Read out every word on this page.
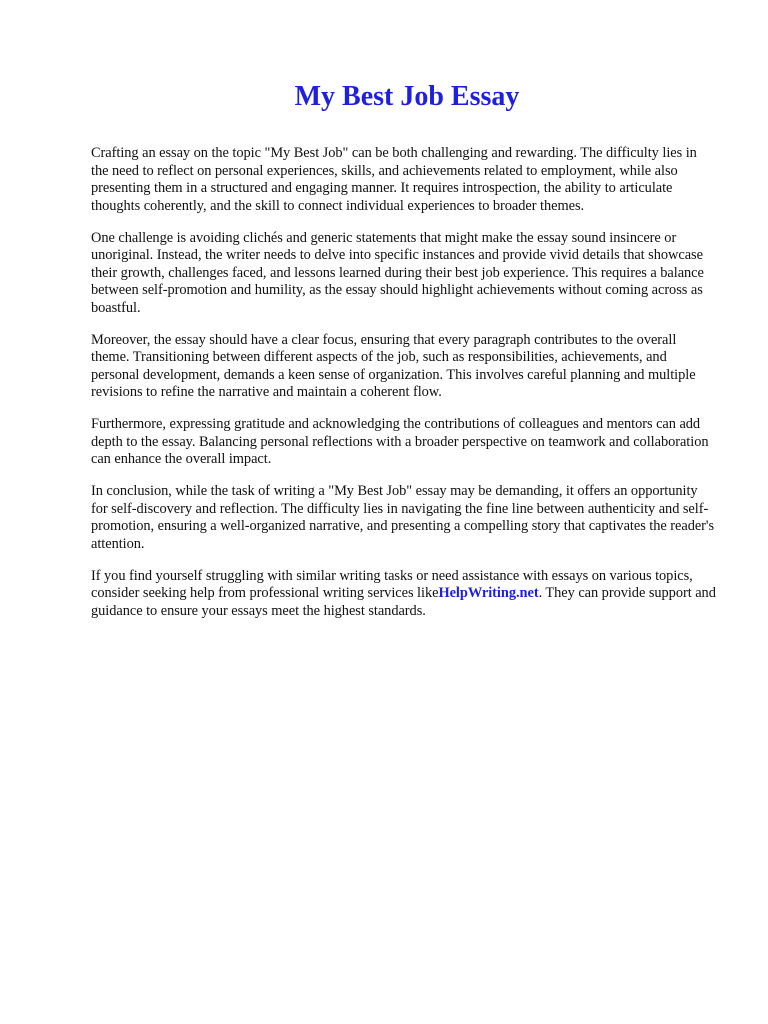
My Best Job Essay

Crafting an essay on the topic "My Best Job" can be both challenging and rewarding. The difficulty lies in the need to reflect on personal experiences, skills, and achievements related to employment, while also presenting them in a structured and engaging manner. It requires introspection, the ability to articulate thoughts coherently, and the skill to connect individual experiences to broader themes.

One challenge is avoiding clichés and generic statements that might make the essay sound insincere or unoriginal. Instead, the writer needs to delve into specific instances and provide vivid details that showcase their growth, challenges faced, and lessons learned during their best job experience. This requires a balance between self-promotion and humility, as the essay should highlight achievements without coming across as boastful.

Moreover, the essay should have a clear focus, ensuring that every paragraph contributes to the overall theme. Transitioning between different aspects of the job, such as responsibilities, achievements, and personal development, demands a keen sense of organization. This involves careful planning and multiple revisions to refine the narrative and maintain a coherent flow.

Furthermore, expressing gratitude and acknowledging the contributions of colleagues and mentors can add depth to the essay. Balancing personal reflections with a broader perspective on teamwork and collaboration can enhance the overall impact.

In conclusion, while the task of writing a "My Best Job" essay may be demanding, it offers an opportunity for self-discovery and reflection. The difficulty lies in navigating the fine line between authenticity and self-promotion, ensuring a well-organized narrative, and presenting a compelling story that captivates the reader's attention.

If you find yourself struggling with similar writing tasks or need assistance with essays on various topics, consider seeking help from professional writing services likeHelpWriting.net. They can provide support and guidance to ensure your essays meet the highest standards.
